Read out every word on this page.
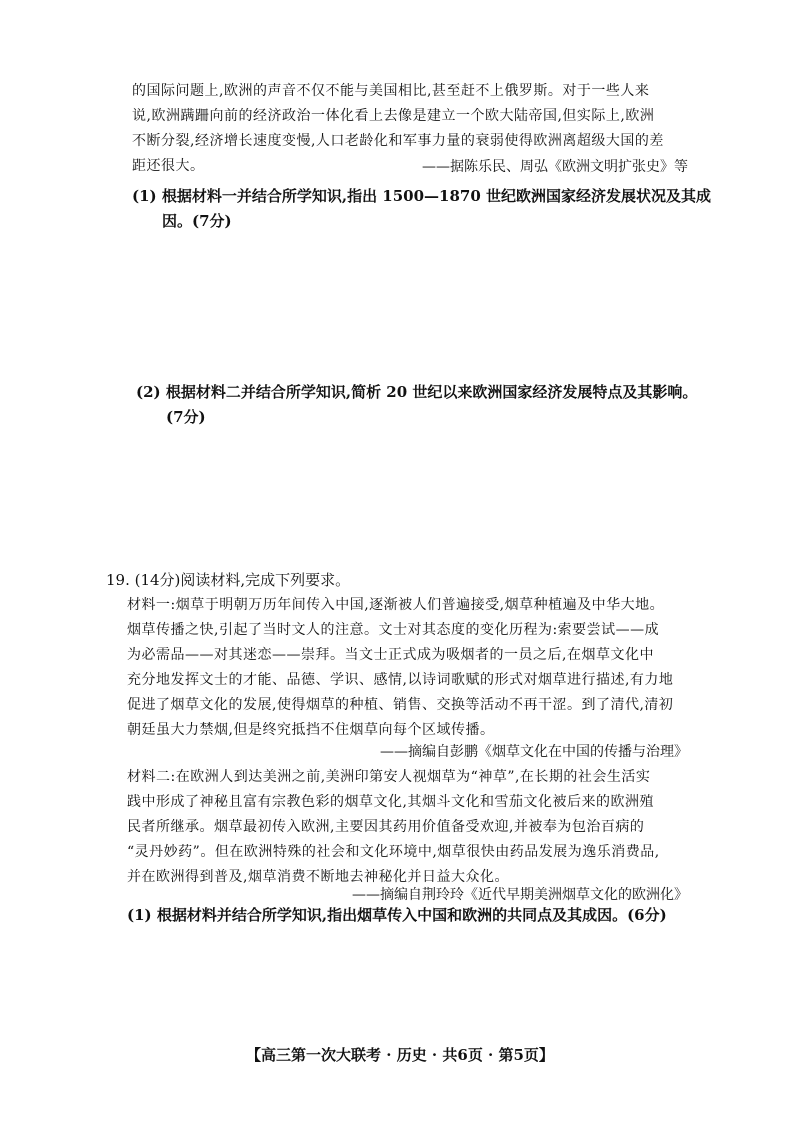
的国际问题上,欧洲的声音不仅不能与美国相比,甚至赶不上俄罗斯。对于一些人来
说,欧洲蹒跚向前的经济政治一体化看上去像是建立一个欧大陆帝国,但实际上,欧洲
不断分裂,经济增长速度变慢,人口老龄化和军事力量的衰弱使得欧洲离超级大国的差
距还很大。	——据陈乐民、周弘《欧洲文明扩张史》等
(1) 根据材料一并结合所学知识,指出 1500—1870 世纪欧洲国家经济发展状况及其成
因。(7分)
(2) 根据材料二并结合所学知识,简析 20 世纪以来欧洲国家经济发展特点及其影响。
(7分)
19. (14分)阅读材料,完成下列要求。
材料一:烟草于明朝万历年间传入中国,逐渐被人们普遍接受,烟草种植遍及中华大地。
烟草传播之快,引起了当时文人的注意。文士对其态度的变化历程为:索要尝试——成
为必需品——对其迷恋——崇拜。当文士正式成为吸烟者的一员之后,在烟草文化中
充分地发挥文士的才能、品德、学识、感情,以诗词歌赋的形式对烟草进行描述,有力地
促进了烟草文化的发展,使得烟草的种植、销售、交换等活动不再干涩。到了清代,清初
朝廷虽大力禁烟,但是终究抵挡不住烟草向每个区域传播。
——摘编自彭鹏《烟草文化在中国的传播与治理》
材料二:在欧洲人到达美洲之前,美洲印第安人视烟草为“神草”,在长期的社会生活实
践中形成了神秘且富有宗教色彩的烟草文化,其烟斗文化和雪茄文化被后来的欧洲殖
民者所继承。烟草最初传入欧洲,主要因其药用价值备受欢迎,并被奉为包治百病的
“灵丹妙药”。但在欧洲特殊的社会和文化环境中,烟草很快由药品发展为逸乐消费品,
并在欧洲得到普及,烟草消费不断地去神秘化并日益大众化。
——摘编自荆玲玲《近代早期美洲烟草文化的欧洲化》
(1) 根据材料并结合所学知识,指出烟草传入中国和欧洲的共同点及其成因。(6分)
【高三第一次大联考 · 历史 · 共6页 · 第5页】
